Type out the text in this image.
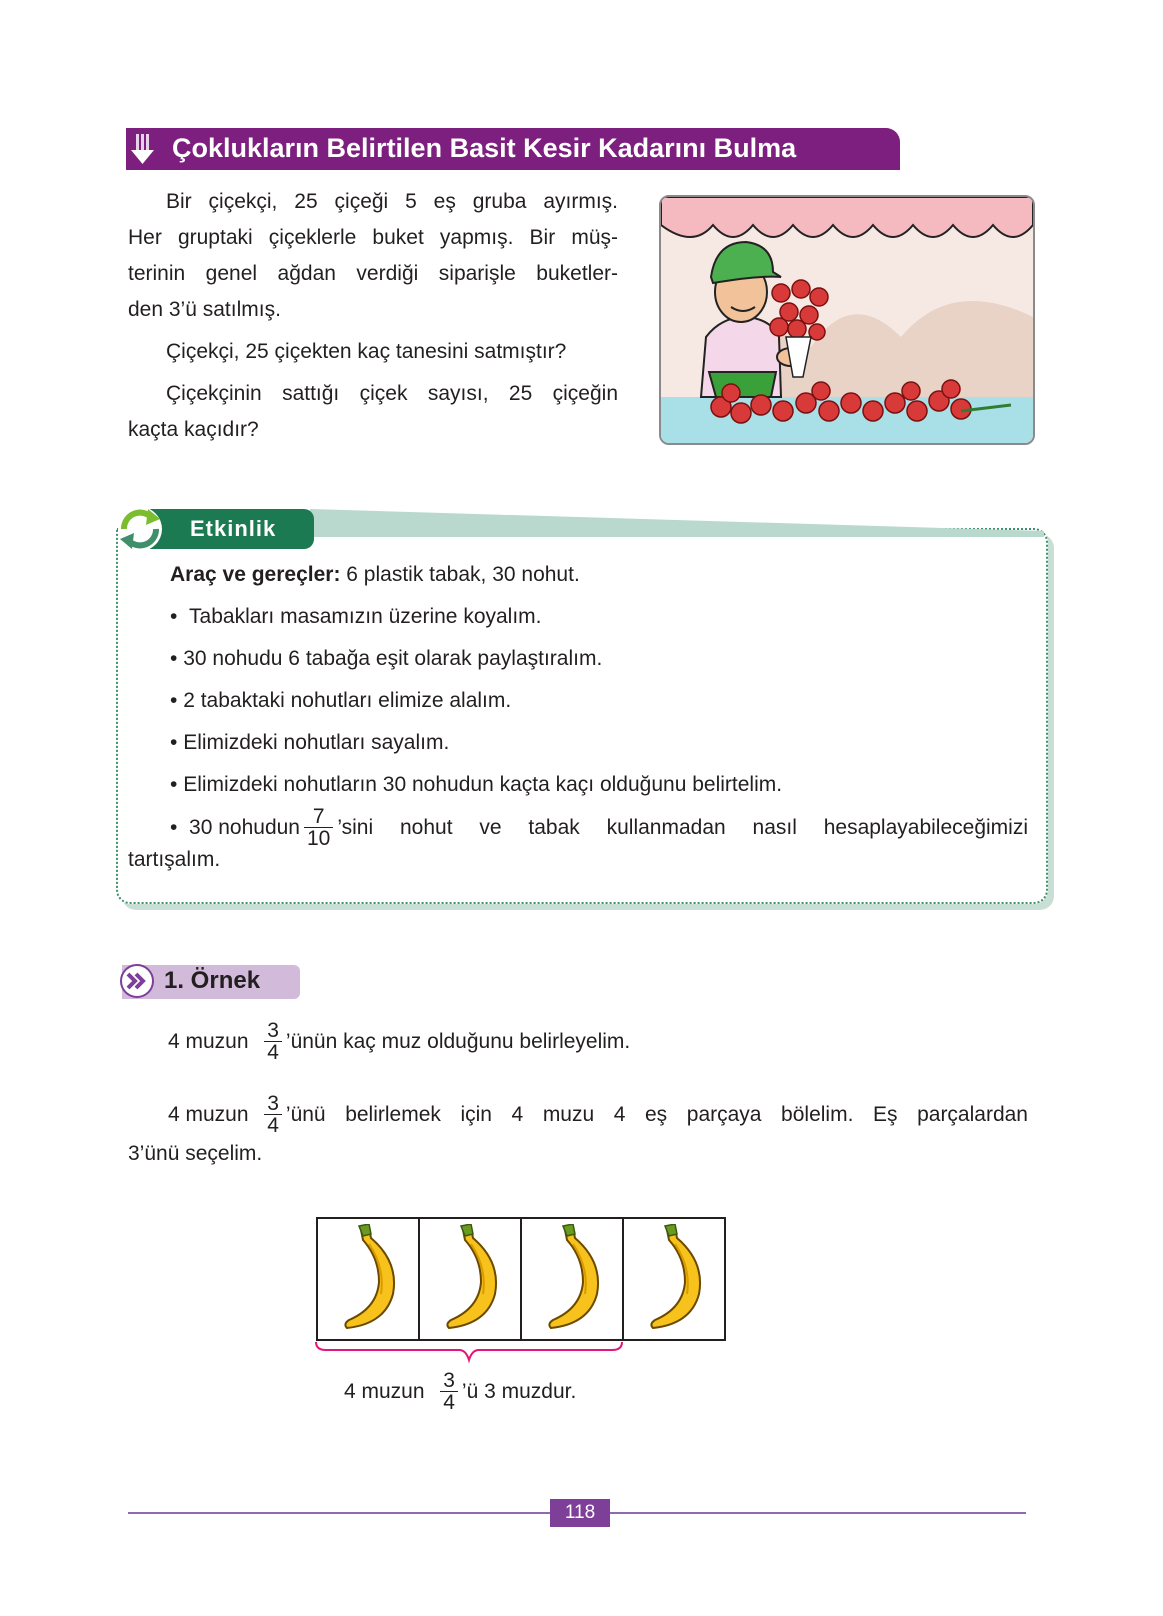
Çoklukların Belirtilen Basit Kesir Kadarını Bulma

Bir çiçekçi, 25 çiçeği 5 eş gruba ayırmış.

Her gruptaki çiçeklerle buket yapmış. Bir müş-

terinin genel ağdan verdiği siparişle buketler-

den 3’ü satılmış.

Çiçekçi, 25 çiçekten kaç tanesini satmıştır?

Çiçekçinin sattığı çiçek sayısı, 25 çiçeğin

kaçta kaçıdır?

Etkinlik
Araç ve gereçler: 6 plastik tabak, 30 nohut.
• Tabakları masamızın üzerine koyalım.
• 30 nohudu 6 tabağa eşit olarak paylaştıralım.
• 2 tabaktaki nohutları elimize alalım.
• Elimizdeki nohutları sayalım.
• Elimizdeki nohutların 30 nohudun kaçta kaçı olduğunu belirtelim.
• 30 nohudun $\frac{7}{10}$ ’sini nohut ve tabak kullanmadan nasıl hesaplayabileceğimizi
tartışalım.
1. Örnek
4 muzun
$\frac{3}{4}$ ’ünün kaç muz olduğunu belirleyelim.
4 muzun
$\frac{3}{4}$ ’ünü belirlemek için 4 muzu 4 eş parçaya bölelim. Eş parçalardan
3’ünü seçelim.
4 muzun
$\frac{3}{4}$ ’ü 3 muzdur.
118
